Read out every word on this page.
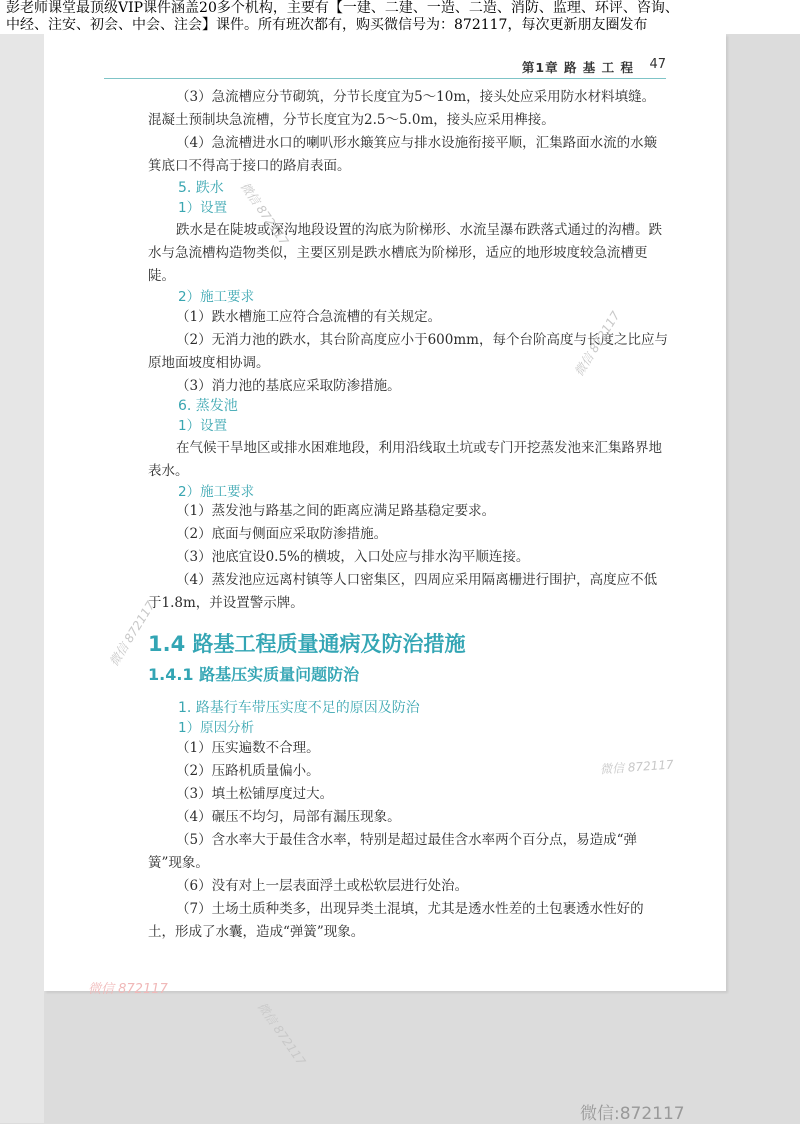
彭老师课堂最顶级VIP课件涵盖20多个机构，主要有【一建、二建、一造、二造、消防、监理、环评、咨询、
中经、注安、初会、中会、注会】课件。所有班次都有，购买微信号为：872117，每次更新朋友圈发布
第1章 路 基 工 程 47
（3）急流槽应分节砌筑，分节长度宜为5～10m，接头处应采用防水材料填缝。混凝土预制块急流槽，分节长度宜为2.5～5.0m，接头应采用榫接。
（4）急流槽进水口的喇叭形水簸箕应与排水设施衔接平顺，汇集路面水流的水簸箕底口不得高于接口的路肩表面。
5. 跌水
1）设置
跌水是在陡坡或深沟地段设置的沟底为阶梯形、水流呈瀑布跌落式通过的沟槽。跌水与急流槽构造物类似，主要区别是跌水槽底为阶梯形，适应的地形坡度较急流槽更陡。
2）施工要求
（1）跌水槽施工应符合急流槽的有关规定。
（2）无消力池的跌水，其台阶高度应小于600mm，每个台阶高度与长度之比应与原地面坡度相协调。
（3）消力池的基底应采取防渗措施。
6. 蒸发池
1）设置
在气候干旱地区或排水困难地段，利用沿线取土坑或专门开挖蒸发池来汇集路界地表水。
2）施工要求
（1）蒸发池与路基之间的距离应满足路基稳定要求。
（2）底面与侧面应采取防渗措施。
（3）池底宜设0.5%的横坡，入口处应与排水沟平顺连接。
（4）蒸发池应远离村镇等人口密集区，四周应采用隔离栅进行围护，高度应不低于1.8m，并设置警示牌。
1.4 路基工程质量通病及防治措施
1.4.1 路基压实质量问题防治
1. 路基行车带压实度不足的原因及防治
1）原因分析
（1）压实遍数不合理。
（2）压路机质量偏小。
（3）填土松铺厚度过大。
（4）碾压不均匀，局部有漏压现象。
（5）含水率大于最佳含水率，特别是超过最佳含水率两个百分点，易造成“弹簧”现象。
（6）没有对上一层表面浮土或松软层进行处治。
（7）土场土质种类多，出现异类土混填，尤其是透水性差的土包裹透水性好的土，形成了水囊，造成“弹簧”现象。
微信 872117
微信 872117
微信 872117
微信 872117
微信 872117
微信 872117
微信:872117
